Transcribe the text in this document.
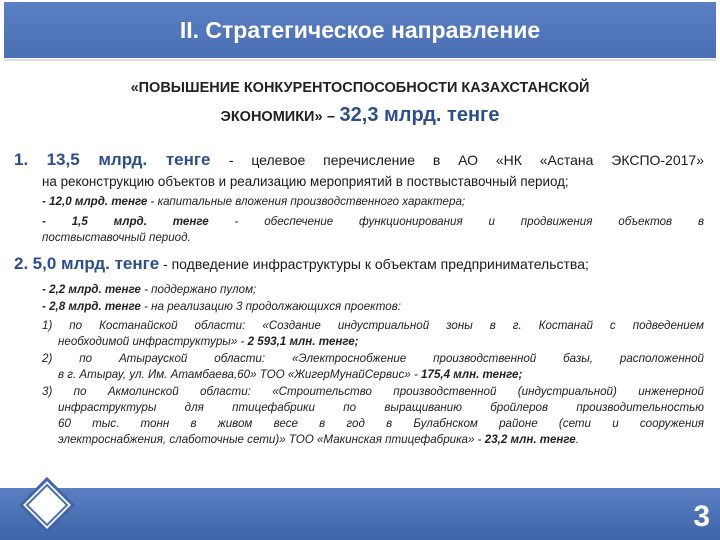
II. Стратегическое направление
«ПОВЫШЕНИЕ КОНКУРЕНТОСПОСОБНОСТИ КАЗАХСТАНСКОЙ
ЭКОНОМИКИ» – 32,3 млрд. тенге
1. 13,5 млрд. тенге - целевое перечисление в АО «НК «Астана ЭКСПО-2017»
на реконструкцию объектов и реализацию мероприятий в поствыставочный период;
- 12,0 млрд. тенге - капитальные вложения производственного характера;
- 1,5 млрд. тенге - обеспечение функционирования и продвижения объектов в
поствыставочный период.
2. 5,0 млрд. тенге - подведение инфраструктуры к объектам предпринимательства;
- 2,2 млрд. тенге - поддержано пулом;
- 2,8 млрд. тенге - на реализацию 3 продолжающихся проектов:
1) по Костанайской области: «Создание индустриальной зоны в г. Костанай с подведением
необходимой инфраструктуры» - 2 593,1 млн. тенге;
2) по Атырауской области: «Электроснобжение производственной базы, расположенной
в г. Атырау, ул. Им. Атамбаева,60» ТОО «ЖигерМунайСервис» - 175,4 млн. тенге;
3) по Акмолинской области: «Строительство производственной (индустриальной) инженерной
инфраструктуры для птицефабрики по выращиванию бройлеров производительностью
60 тыс. тонн в живом весе в год в Булабнском районе (сети и сооружения
электроснабжения, слаботочные сети)» ТОО «Макинская птицефабрика» - 23,2 млн. тенге.
3
